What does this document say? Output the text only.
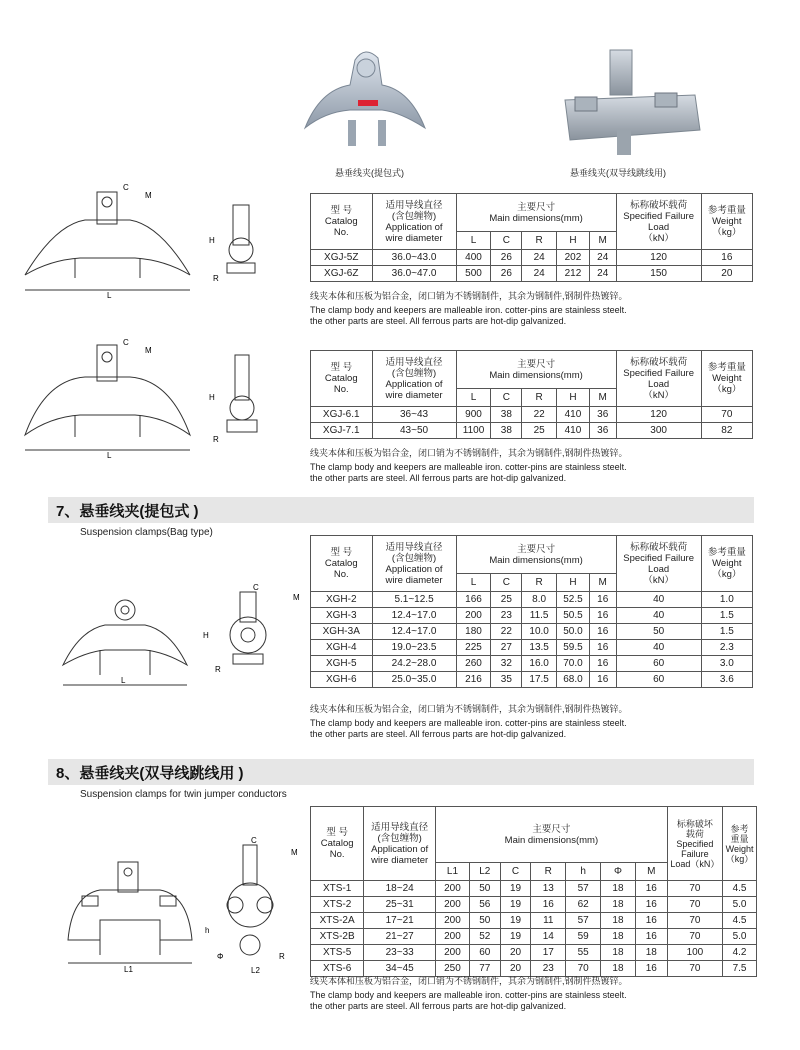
悬垂线夹(提包式)	悬垂线夹(双导线跳线用)
C
M
L
H
R
型 号
Catalog
No.	适用导线直径
(含包缠物)
Application of
wire diameter	主要尺寸
Main dimensions(mm)					标称破坏载荷
Specified Failure
Load
（kN）	参考重量
Weight
（kg）
		L	C	R	H	M		
XGJ-5Z	36.0~43.0	400	26	24	202	24	120	16
XGJ-6Z	36.0~47.0	500	26	24	212	24	150	20
线夹本体和压板为铝合金，闭口销为不锈钢制件，其余为钢制件,钢制件热镀锌。
The clamp body and keepers are malleable iron. cotter-pins are stainless steelt.
the other parts are steel. All ferrous parts are hot-dip galvanized.
C
M
L
H
R
型 号
Catalog
No.	适用导线直径
(含包缠物)
Application of
wire diameter	主要尺寸
Main dimensions(mm)					标称破坏载荷
Specified Failure
Load
（kN）	参考重量
Weight
（kg）
		L	C	R	H	M		
XGJ-6.1	36~43	900	38	22	410	36	120	70
XGJ-7.1	43~50	1100	38	25	410	36	300	82
线夹本体和压板为铝合金，闭口销为不锈钢制件，其余为钢制件,钢制件热镀锌。
The clamp body and keepers are malleable iron. cotter-pins are stainless steelt.
the other parts are steel. All ferrous parts are hot-dip galvanized.
7、悬垂线夹(提包式 )
Suspension clamps(Bag type)
L
C
M
H
R
型 号
Catalog
No.	适用导线直径
(含包缠物)
Application of
wire diameter	主要尺寸
Main dimensions(mm)					标称破坏载荷
Specified Failure
Load
（kN）	参考重量
Weight
（kg）
		L	C	R	H	M		
XGH-2	5.1~12.5	166	25	8.0	52.5	16	40	1.0
XGH-3	12.4~17.0	200	23	11.5	50.5	16	40	1.5
XGH-3A	12.4~17.0	180	22	10.0	50.0	16	50	1.5
XGH-4	19.0~23.5	225	27	13.5	59.5	16	40	2.3
XGH-5	24.2~28.0	260	32	16.0	70.0	16	60	3.0
XGH-6	25.0~35.0	216	35	17.5	68.0	16	60	3.6
线夹本体和压板为铝合金，闭口销为不锈钢制件，其余为钢制件,钢制件热镀锌。
The clamp body and keepers are malleable iron. cotter-pins are stainless steelt.
the other parts are steel. All ferrous parts are hot-dip galvanized.
8、悬垂线夹(双导线跳线用 )
Suspension clamps for twin jumper conductors
L1
C
M
h
Φ
L2
R
型 号
Catalog
No.	适用导线直径
(含包缠物)
Application of
wire diameter	主要尺寸
Main dimensions(mm)							标称破坏
载荷
Specified
Failure
Load（kN）	参考
重量
Weight
（kg）
		L1	L2	C	R	h	Φ	M		
XTS-1	18~24	200	50	19	13	57	18	16	70	4.5
XTS-2	25~31	200	56	19	16	62	18	16	70	5.0
XTS-2A	17~21	200	50	19	11	57	18	16	70	4.5
XTS-2B	21~27	200	52	19	14	59	18	16	70	5.0
XTS-5	23~33	200	60	20	17	55	18	18	100	4.2
XTS-6	34~45	250	77	20	23	70	18	16	70	7.5
线夹本体和压板为铝合金，闭口销为不锈钢制件，其余为钢制件,钢制件热镀锌。
The clamp body and keepers are malleable iron. cotter-pins are stainless steelt.
the other parts are steel. All ferrous parts are hot-dip galvanized.
